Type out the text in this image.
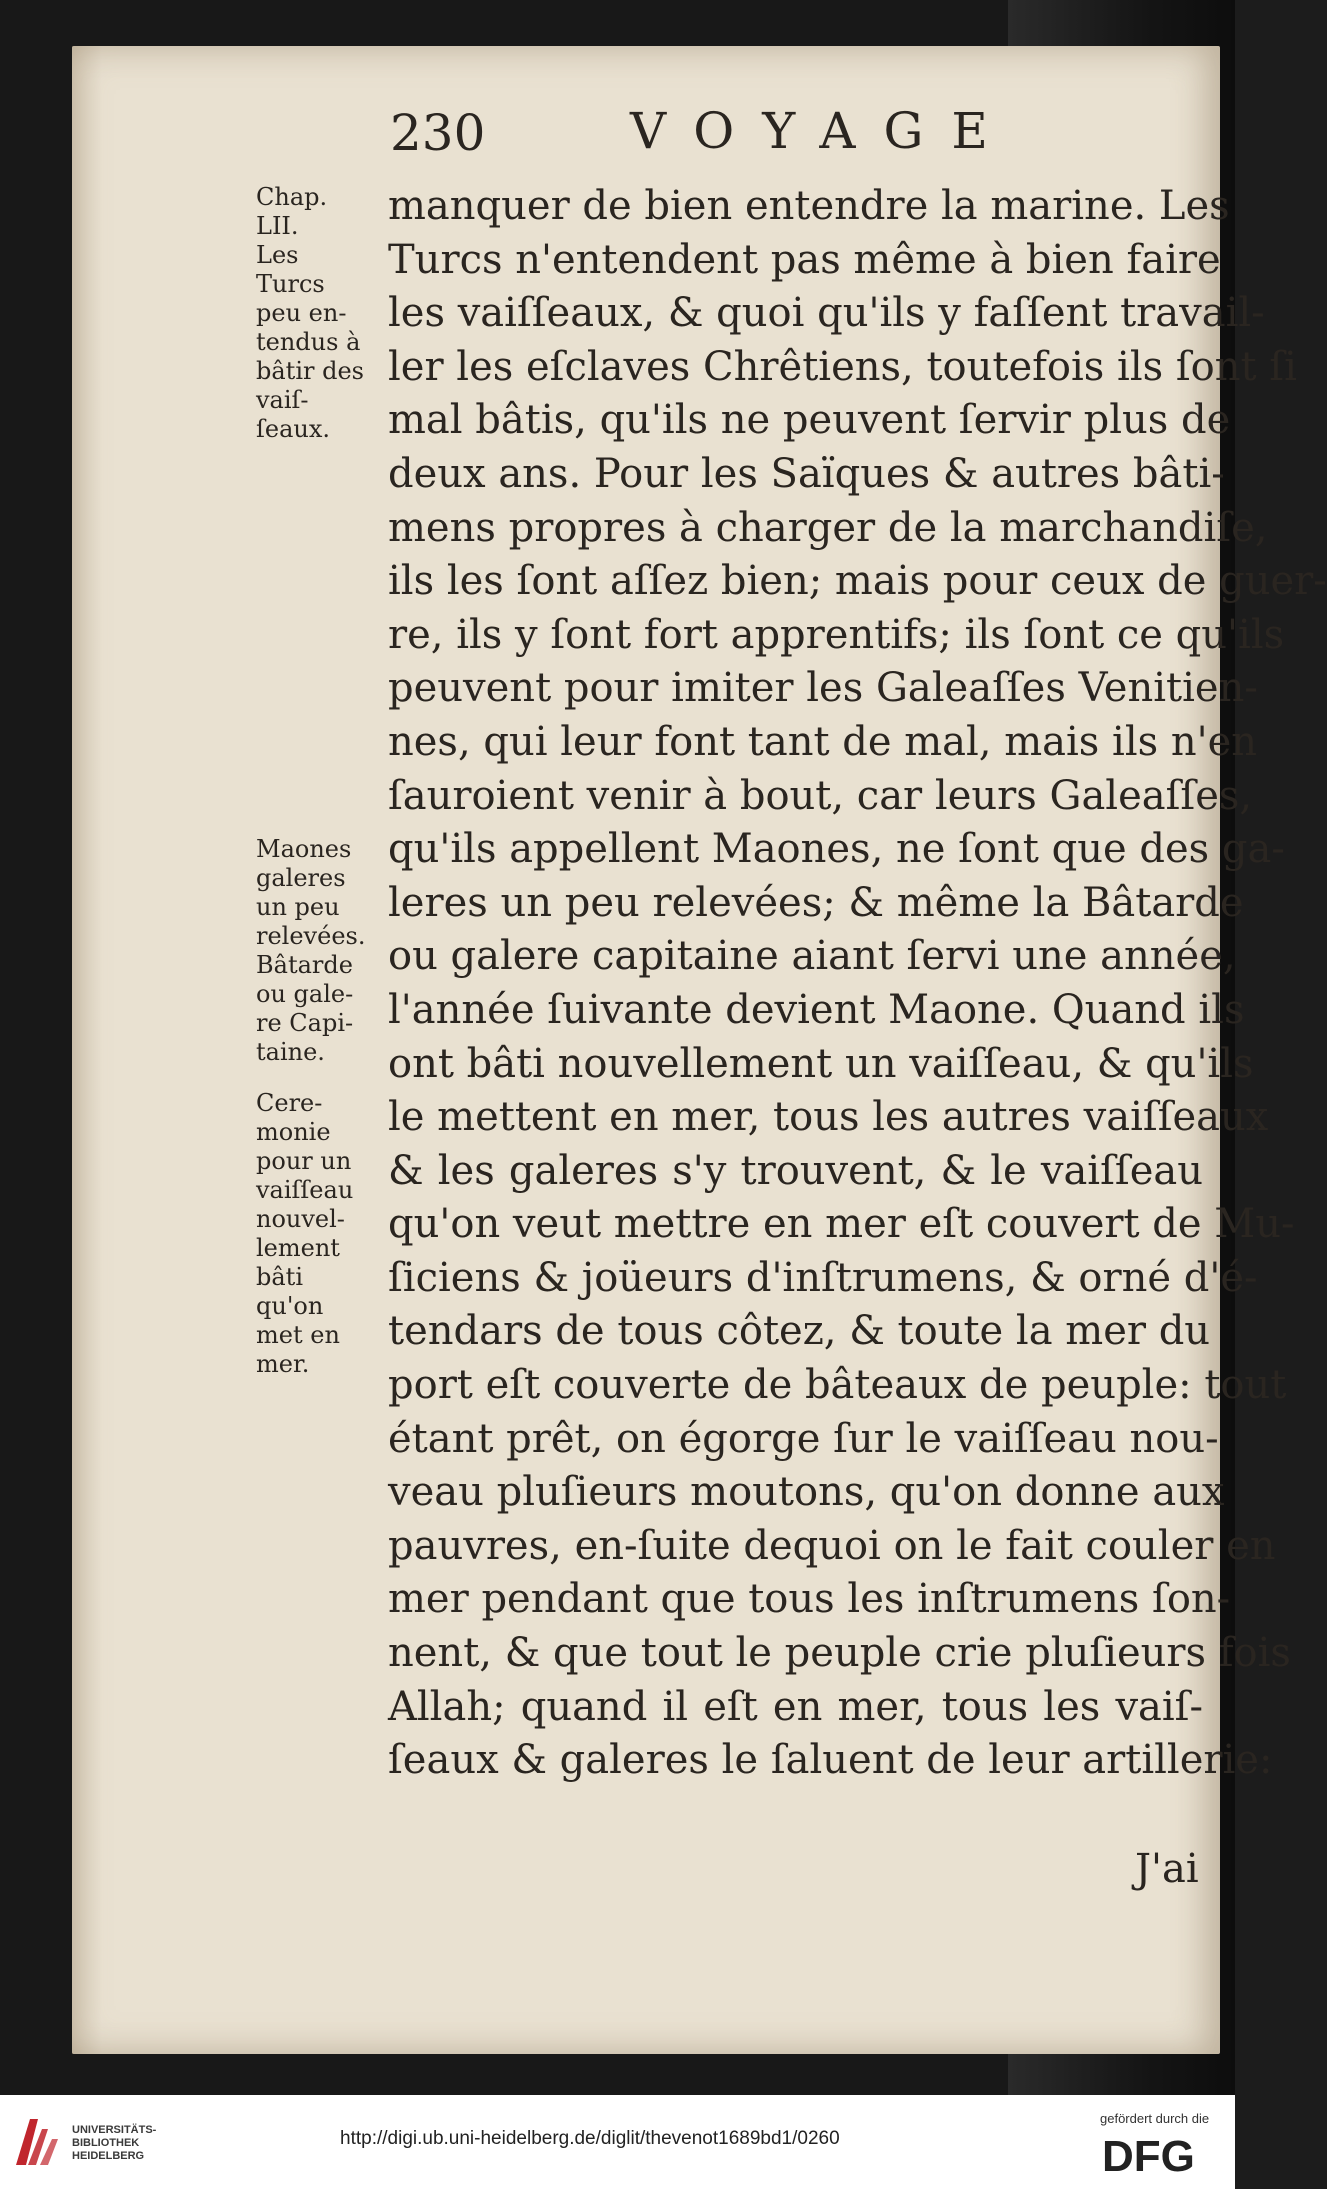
230	VOYAGE
Chap.
LII.
Les
Turcs
peu en-
tendus à
bâtir des
vaiſ-
ſeaux.
Maones
galeres
un peu
relevées.
Bâtarde
ou gale-
re Capi-
taine.
Cere-
monie
pour un
vaiſſeau
nouvel-
lement
bâti
qu'on
met en
mer.
manquer de bien entendre la marine. Les
Turcs n'entendent pas même à bien faire
les vaiſſeaux, & quoi qu'ils y faſſent travail-
ler les eſclaves Chrêtiens, toutefois ils ſont ſi
mal bâtis, qu'ils ne peuvent ſervir plus de
deux ans. Pour les Saïques & autres bâti-
mens propres à charger de la marchandiſe,
ils les ſont aſſez bien; mais pour ceux de guer-
re, ils y ſont fort apprentifs; ils ſont ce qu'ils
peuvent pour imiter les Galeaſſes Venitien-
nes, qui leur font tant de mal, mais ils n'en
ſauroient venir à bout, car leurs Galeaſſes,
qu'ils appellent Maones, ne ſont que des ga-
leres un peu relevées; & même la Bâtarde
ou galere capitaine aiant ſervi une année,
l'année ſuivante devient Maone. Quand ils
ont bâti nouvellement un vaiſſeau, & qu'ils
le mettent en mer, tous les autres vaiſſeaux
& les galeres s'y trouvent, & le vaiſſeau
qu'on veut mettre en mer eſt couvert de Mu-
ſiciens & joüeurs d'inſtrumens, & orné d'é-
tendars de tous côtez, & toute la mer du
port eſt couverte de bâteaux de peuple: tout
étant prêt, on égorge ſur le vaiſſeau nou-
veau pluſieurs moutons, qu'on donne aux
pauvres, en-ſuite dequoi on le fait couler en
mer pendant que tous les inſtrumens ſon-
nent, & que tout le peuple crie pluſieurs fois
Allah; quand il eſt en mer, tous les vaiſ-
ſeaux & galeres le ſaluent de leur artillerie:
J'ai
UNIVERSITÄTS-
BIBLIOTHEK
HEIDELBERG
http://digi.ub.uni-heidelberg.de/diglit/thevenot1689bd1/0260
gefördert durch die
DFG
